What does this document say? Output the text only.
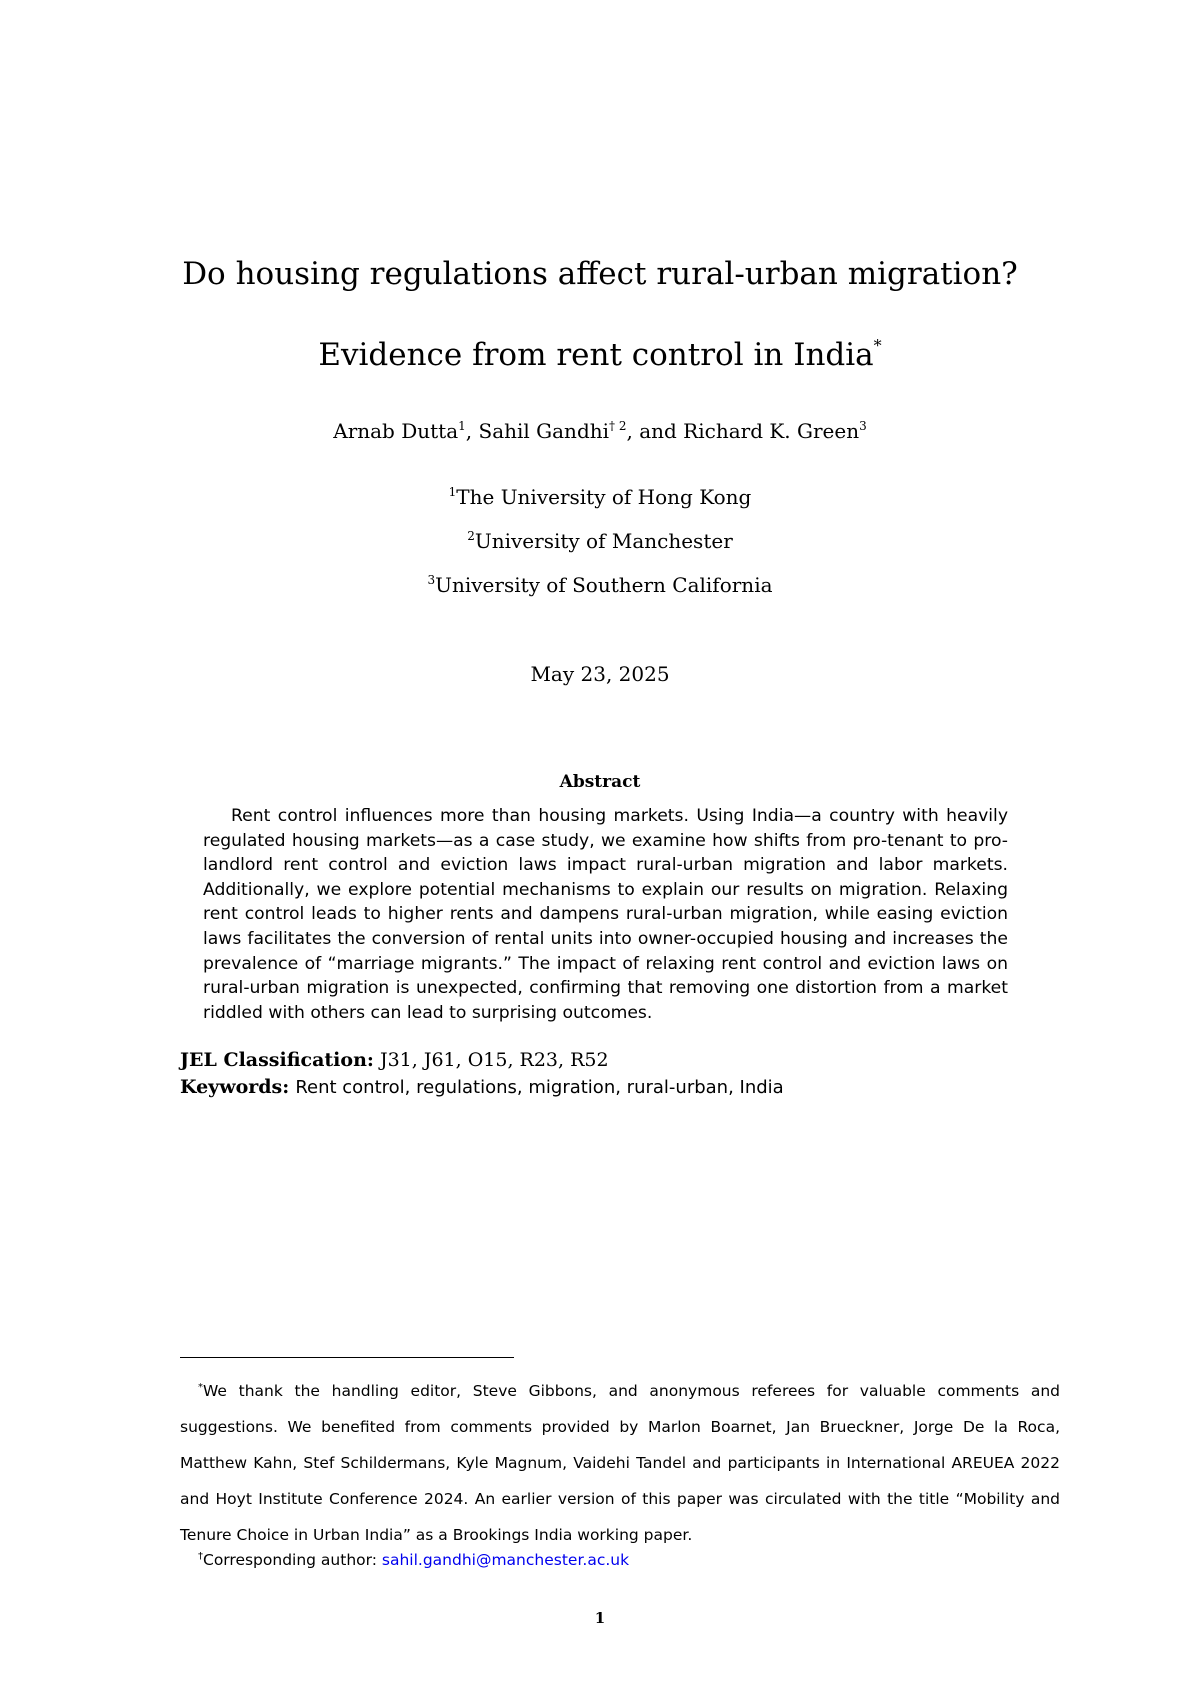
Do housing regulations affect rural-urban migration?
Evidence from rent control in India*
Arnab Dutta$^1$, Sahil Gandhi$^{\dagger 2}$, and Richard K. Green$^3$
$^1$The University of Hong Kong
$^2$University of Manchester
$^3$University of Southern California
May 23, 2025
Abstract
Rent control influences more than housing markets. Using India—a country with heavily regulated housing markets—as a case study, we examine how shifts from pro-tenant to pro-landlord rent control and eviction laws impact rural-urban migration and labor markets. Additionally, we explore potential mechanisms to explain our results on migration. Relaxing rent control leads to higher rents and dampens rural-urban migration, while easing eviction laws facilitates the conversion of rental units into owner-occupied housing and increases the prevalence of “marriage migrants.” The impact of relaxing rent control and eviction laws on rural-urban migration is unexpected, confirming that removing one distortion from a market riddled with others can lead to surprising outcomes.
JEL Classification: J31, J61, O15, R23, R52
Keywords: Rent control, regulations, migration, rural-urban, India
*We thank the handling editor, Steve Gibbons, and anonymous referees for valuable comments and suggestions. We benefited from comments provided by Marlon Boarnet, Jan Brueckner, Jorge De la Roca, Matthew Kahn, Stef Schildermans, Kyle Magnum, Vaidehi Tandel and participants in International AREUEA 2022 and Hoyt Institute Conference 2024. An earlier version of this paper was circulated with the title “Mobility and Tenure Choice in Urban India” as a Brookings India working paper.
†Corresponding author: sahil.gandhi@manchester.ac.uk
1
